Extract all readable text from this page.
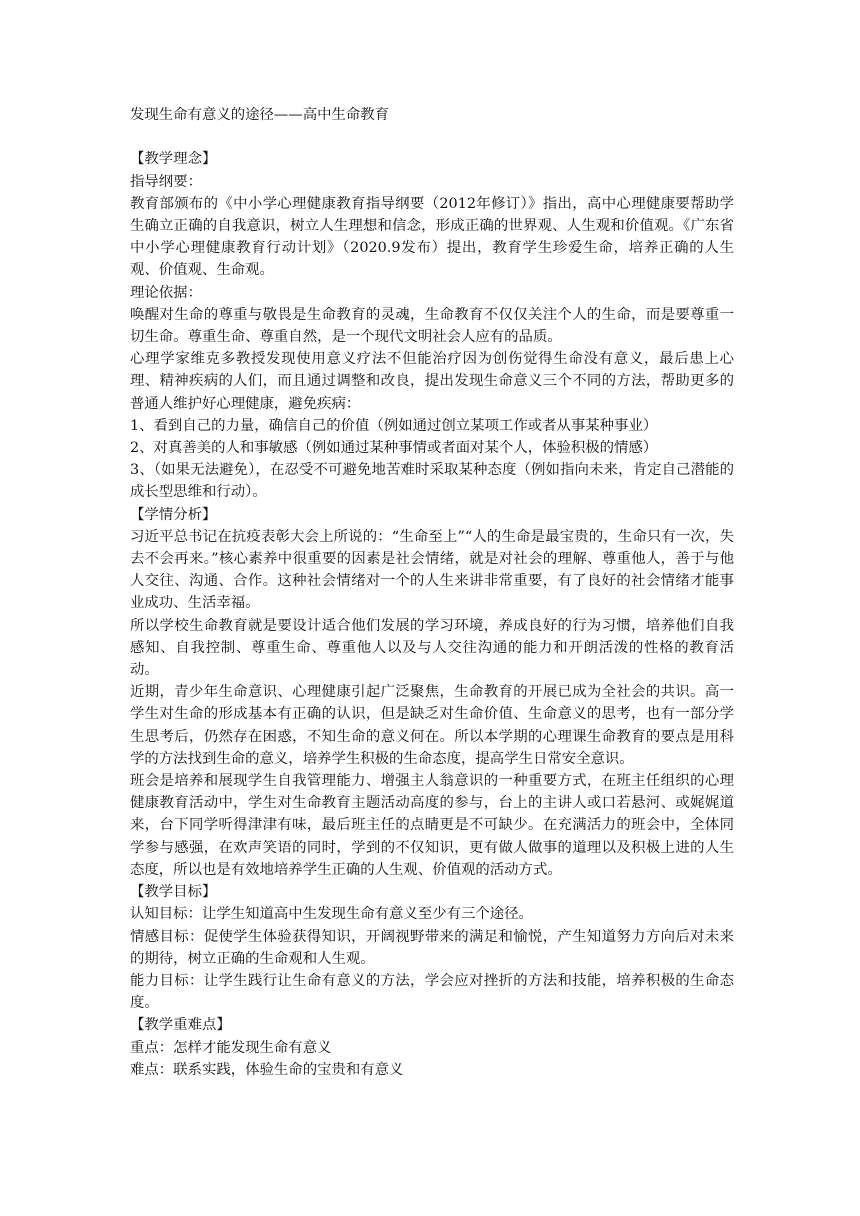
发现生命有意义的途径——高中生命教育

【教学理念】

指导纲要：

教育部颁布的《中小学心理健康教育指导纲要（2012年修订）》指出，高中心理健康要帮助学生确立正确的自我意识，树立人生理想和信念，形成正确的世界观、人生观和价值观。《广东省中小学心理健康教育行动计划》（2020.9发布）提出，教育学生珍爱生命，培养正确的人生观、价值观、生命观。

理论依据：

唤醒对生命的尊重与敬畏是生命教育的灵魂，生命教育不仅仅关注个人的生命，而是要尊重一切生命。尊重生命、尊重自然，是一个现代文明社会人应有的品质。

心理学家维克多教授发现使用意义疗法不但能治疗因为创伤觉得生命没有意义，最后患上心理、精神疾病的人们，而且通过调整和改良，提出发现生命意义三个不同的方法，帮助更多的普通人维护好心理健康，避免疾病：

1、看到自己的力量，确信自己的价值（例如通过创立某项工作或者从事某种事业）

2、对真善美的人和事敏感（例如通过某种事情或者面对某个人，体验积极的情感）

3、（如果无法避免），在忍受不可避免地苦难时采取某种态度（例如指向未来，肯定自己潜能的成长型思维和行动）。

【学情分析】

习近平总书记在抗疫表彰大会上所说的：“生命至上”“人的生命是最宝贵的，生命只有一次，失去不会再来。”核心素养中很重要的因素是社会情绪，就是对社会的理解、尊重他人，善于与他人交往、沟通、合作。这种社会情绪对一个的人生来讲非常重要，有了良好的社会情绪才能事业成功、生活幸福。

所以学校生命教育就是要设计适合他们发展的学习环境，养成良好的行为习惯，培养他们自我感知、自我控制、尊重生命、尊重他人以及与人交往沟通的能力和开朗活泼的性格的教育活动。

近期，青少年生命意识、心理健康引起广泛聚焦，生命教育的开展已成为全社会的共识。高一学生对生命的形成基本有正确的认识，但是缺乏对生命价值、生命意义的思考，也有一部分学生思考后，仍然存在困惑，不知生命的意义何在。所以本学期的心理课生命教育的要点是用科学的方法找到生命的意义，培养学生积极的生命态度，提高学生日常安全意识。

班会是培养和展现学生自我管理能力、增强主人翁意识的一种重要方式，在班主任组织的心理健康教育活动中，学生对生命教育主题活动高度的参与，台上的主讲人或口若悬河、或娓娓道来，台下同学听得津津有味，最后班主任的点睛更是不可缺少。在充满活力的班会中，全体同学参与感强，在欢声笑语的同时，学到的不仅知识，更有做人做事的道理以及积极上进的人生态度，所以也是有效地培养学生正确的人生观、价值观的活动方式。

【教学目标】

认知目标：让学生知道高中生发现生命有意义至少有三个途径。

情感目标：促使学生体验获得知识，开阔视野带来的满足和愉悦，产生知道努力方向后对未来的期待，树立正确的生命观和人生观。

能力目标：让学生践行让生命有意义的方法，学会应对挫折的方法和技能，培养积极的生命态度。

【教学重难点】

重点：怎样才能发现生命有意义

难点：联系实践，体验生命的宝贵和有意义
